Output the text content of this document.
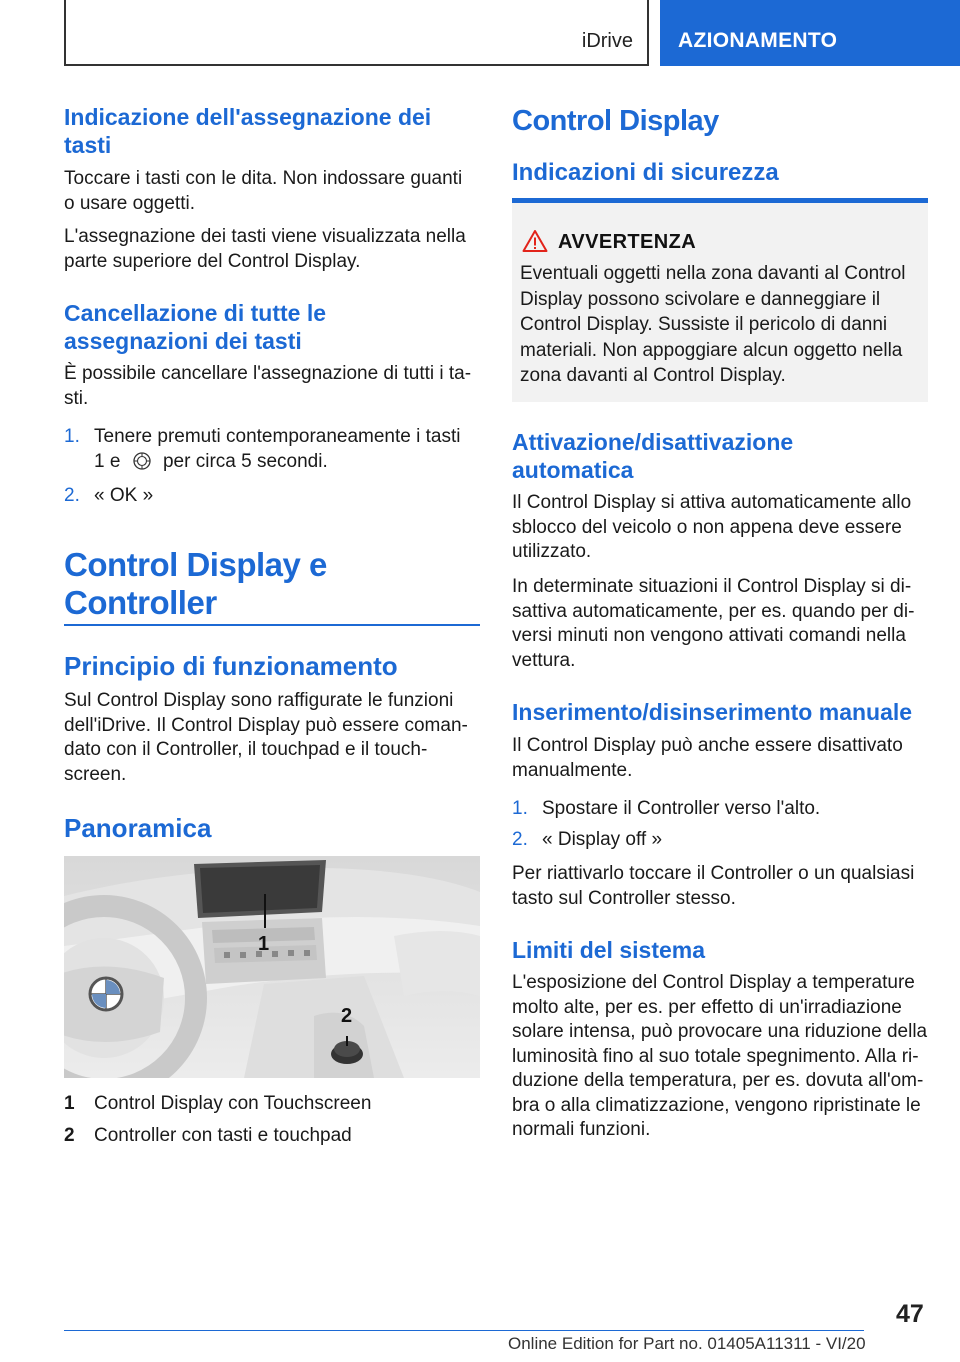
iDrive AZIONAMENTO
Indicazione dell'assegnazione dei tasti
Toccare i tasti con le dita. Non indossare guanti o usare oggetti.
L'assegnazione dei tasti viene visualizzata nella parte superiore del Control Display.
Cancellazione di tutte le assegnazioni dei tasti
È possibile cancellare l'assegnazione di tutti i ta-sti.
1. Tenere premuti contemporaneamente i tasti
1 e per circa 5 secondi.
2. « OK »
Control Display e
Controller
Principio di funzionamento
Sul Control Display sono raffigurate le funzioni dell'iDrive. Il Control Display può essere coman-dato con il Controller, il touchpad e il touch-screen.
Panoramica
1
2
1 Control Display con Touchscreen
2 Controller con tasti e touchpad
Control Display
Indicazioni di sicurezza
AVVERTENZA
Eventuali oggetti nella zona davanti al Control Display possono scivolare e danneggiare il Control Display. Sussiste il pericolo di danni materiali. Non appoggiare alcun oggetto nella zona davanti al Control Display.
Attivazione/disattivazione automatica
Il Control Display si attiva automaticamente allo sblocco del veicolo o non appena deve essere utilizzato.
In determinate situazioni il Control Display si di-sattiva automaticamente, per es. quando per di-versi minuti non vengono attivati comandi nella vettura.
Inserimento/disinserimento manuale
Il Control Display può anche essere disattivato manualmente.
1. Spostare il Controller verso l'alto.
2. « Display off »
Per riattivarlo toccare il Controller o un qualsiasi tasto sul Controller stesso.
Limiti del sistema
L'esposizione del Control Display a temperature molto alte, per es. per effetto di un'irradiazione solare intensa, può provocare una riduzione della luminosità fino al suo totale spegnimento. Alla ri-duzione della temperatura, per es. dovuta all'om-bra o alla climatizzazione, vengono ripristinate le normali funzioni.
47
Online Edition for Part no. 01405A11311 - VI/20
